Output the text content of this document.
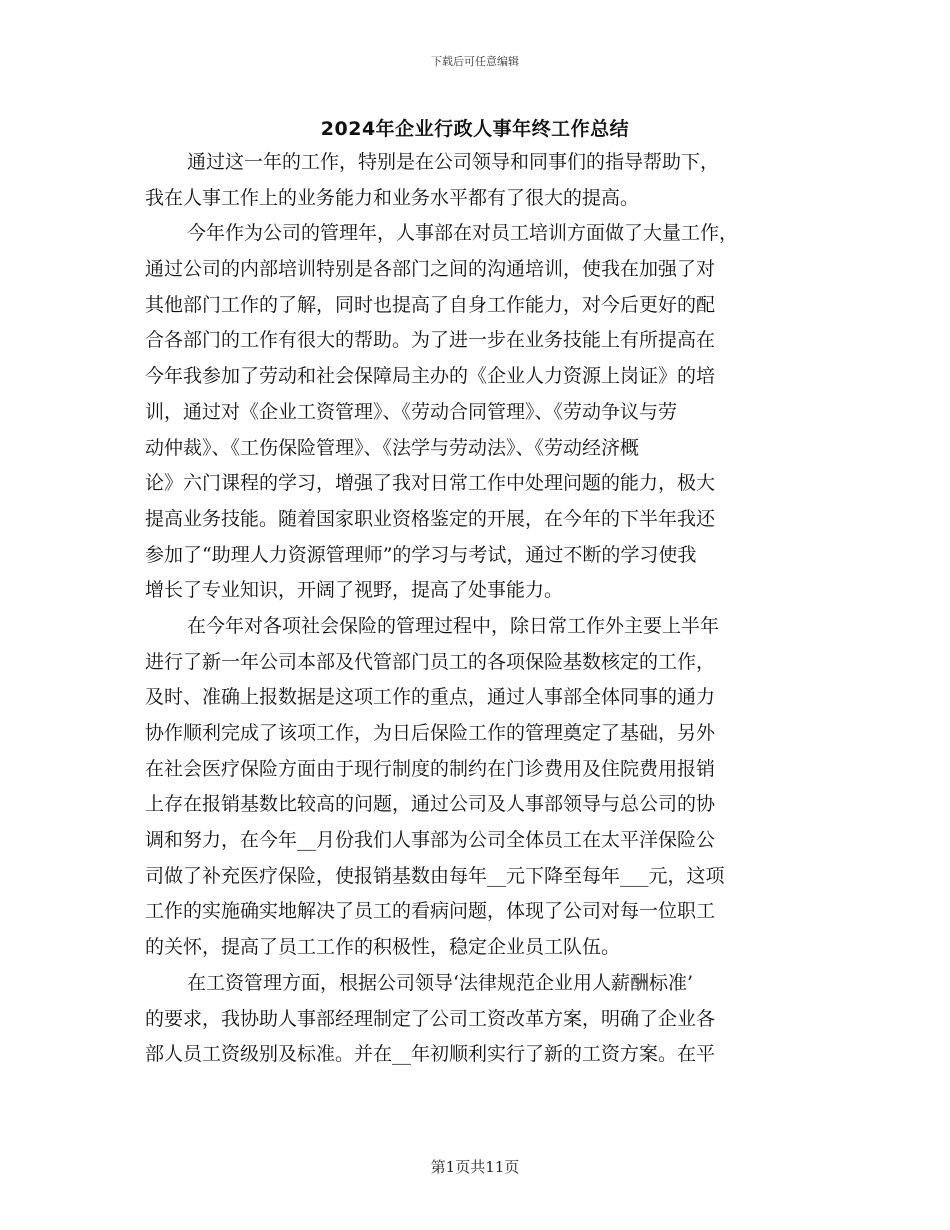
下载后可任意编辑
2024年企业行政人事年终工作总结
通过这一年的工作，特别是在公司领导和同事们的指导帮助下，
我在人事工作上的业务能力和业务水平都有了很大的提高。
今年作为公司的管理年，人事部在对员工培训方面做了大量工作，
通过公司的内部培训特别是各部门之间的沟通培训，使我在加强了对
其他部门工作的了解，同时也提高了自身工作能力，对今后更好的配
合各部门的工作有很大的帮助。为了进一步在业务技能上有所提高在
今年我参加了劳动和社会保障局主办的《企业人力资源上岗证》的培
训，通过对《企业工资管理》、《劳动合同管理》、《劳动争议与劳
动仲裁》、《工伤保险管理》、《法学与劳动法》、《劳动经济概
论》六门课程的学习，增强了我对日常工作中处理问题的能力，极大
提高业务技能。随着国家职业资格鉴定的开展，在今年的下半年我还
参加了“助理人力资源管理师”的学习与考试，通过不断的学习使我
增长了专业知识，开阔了视野，提高了处事能力。
在今年对各项社会保险的管理过程中，除日常工作外主要上半年
进行了新一年公司本部及代管部门员工的各项保险基数核定的工作，
及时、准确上报数据是这项工作的重点，通过人事部全体同事的通力
协作顺利完成了该项工作，为日后保险工作的管理奠定了基础，另外
在社会医疗保险方面由于现行制度的制约在门诊费用及住院费用报销
上存在报销基数比较高的问题，通过公司及人事部领导与总公司的协
调和努力，在今年__月份我们人事部为公司全体员工在太平洋保险公
司做了补充医疗保险，使报销基数由每年__元下降至每年___元，这项
工作的实施确实地解决了员工的看病问题，体现了公司对每一位职工
的关怀，提高了员工工作的积极性，稳定企业员工队伍。
在工资管理方面，根据公司领导‘法律规范企业用人薪酬标准’
的要求，我协助人事部经理制定了公司工资改革方案，明确了企业各
部人员工资级别及标准。并在__年初顺利实行了新的工资方案。在平
第1页共11页
